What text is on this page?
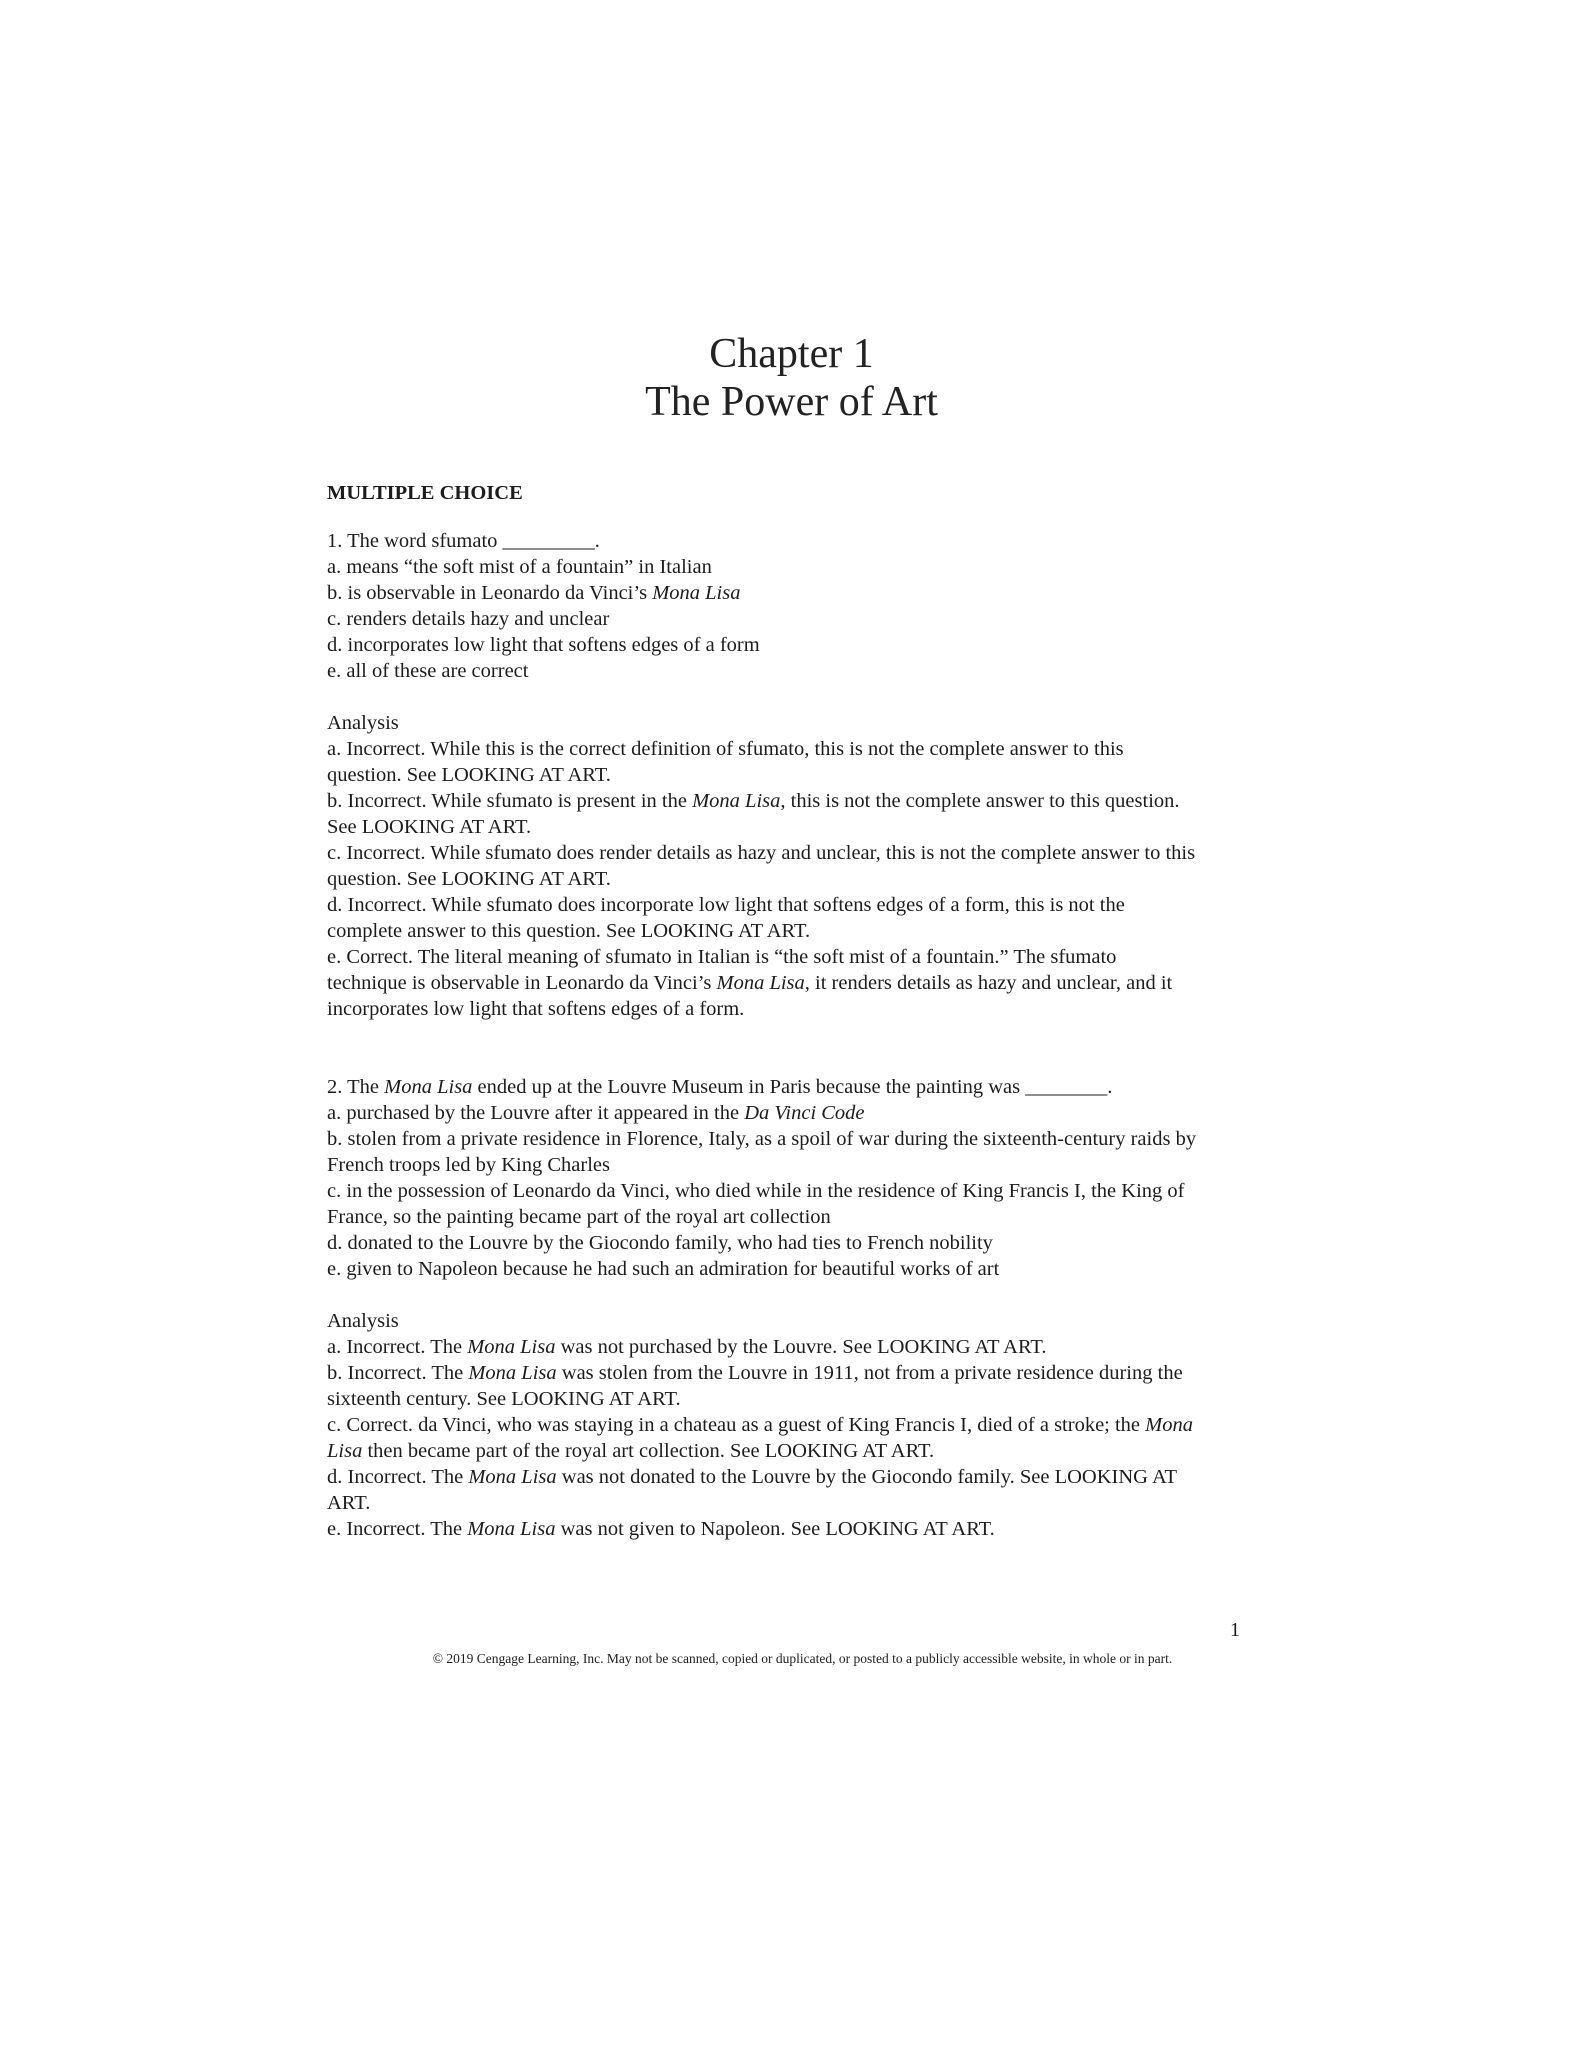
Chapter 1
The Power of Art
MULTIPLE CHOICE
1. The word sfumato _________.
a. means “the soft mist of a fountain” in Italian
b. is observable in Leonardo da Vinci’s Mona Lisa
c. renders details hazy and unclear
d. incorporates low light that softens edges of a form
e. all of these are correct
Analysis
a. Incorrect. While this is the correct definition of sfumato, this is not the complete answer to this
question. See LOOKING AT ART.
b. Incorrect. While sfumato is present in the Mona Lisa, this is not the complete answer to this question.
See LOOKING AT ART.
c. Incorrect. While sfumato does render details as hazy and unclear, this is not the complete answer to this
question. See LOOKING AT ART.
d. Incorrect. While sfumato does incorporate low light that softens edges of a form, this is not the
complete answer to this question. See LOOKING AT ART.
e. Correct. The literal meaning of sfumato in Italian is “the soft mist of a fountain.” The sfumato
technique is observable in Leonardo da Vinci’s Mona Lisa, it renders details as hazy and unclear, and it
incorporates low light that softens edges of a form.
2. The Mona Lisa ended up at the Louvre Museum in Paris because the painting was ________.
a. purchased by the Louvre after it appeared in the Da Vinci Code
b. stolen from a private residence in Florence, Italy, as a spoil of war during the sixteenth-century raids by
French troops led by King Charles
c. in the possession of Leonardo da Vinci, who died while in the residence of King Francis I, the King of
France, so the painting became part of the royal art collection
d. donated to the Louvre by the Giocondo family, who had ties to French nobility
e. given to Napoleon because he had such an admiration for beautiful works of art
Analysis
a. Incorrect. The Mona Lisa was not purchased by the Louvre. See LOOKING AT ART.
b. Incorrect. The Mona Lisa was stolen from the Louvre in 1911, not from a private residence during the
sixteenth century. See LOOKING AT ART.
c. Correct. da Vinci, who was staying in a chateau as a guest of King Francis I, died of a stroke; the Mona
Lisa then became part of the royal art collection. See LOOKING AT ART.
d. Incorrect. The Mona Lisa was not donated to the Louvre by the Giocondo family. See LOOKING AT
ART.
e. Incorrect. The Mona Lisa was not given to Napoleon. See LOOKING AT ART.
1
© 2019 Cengage Learning, Inc. May not be scanned, copied or duplicated, or posted to a publicly accessible website, in whole or in part.
